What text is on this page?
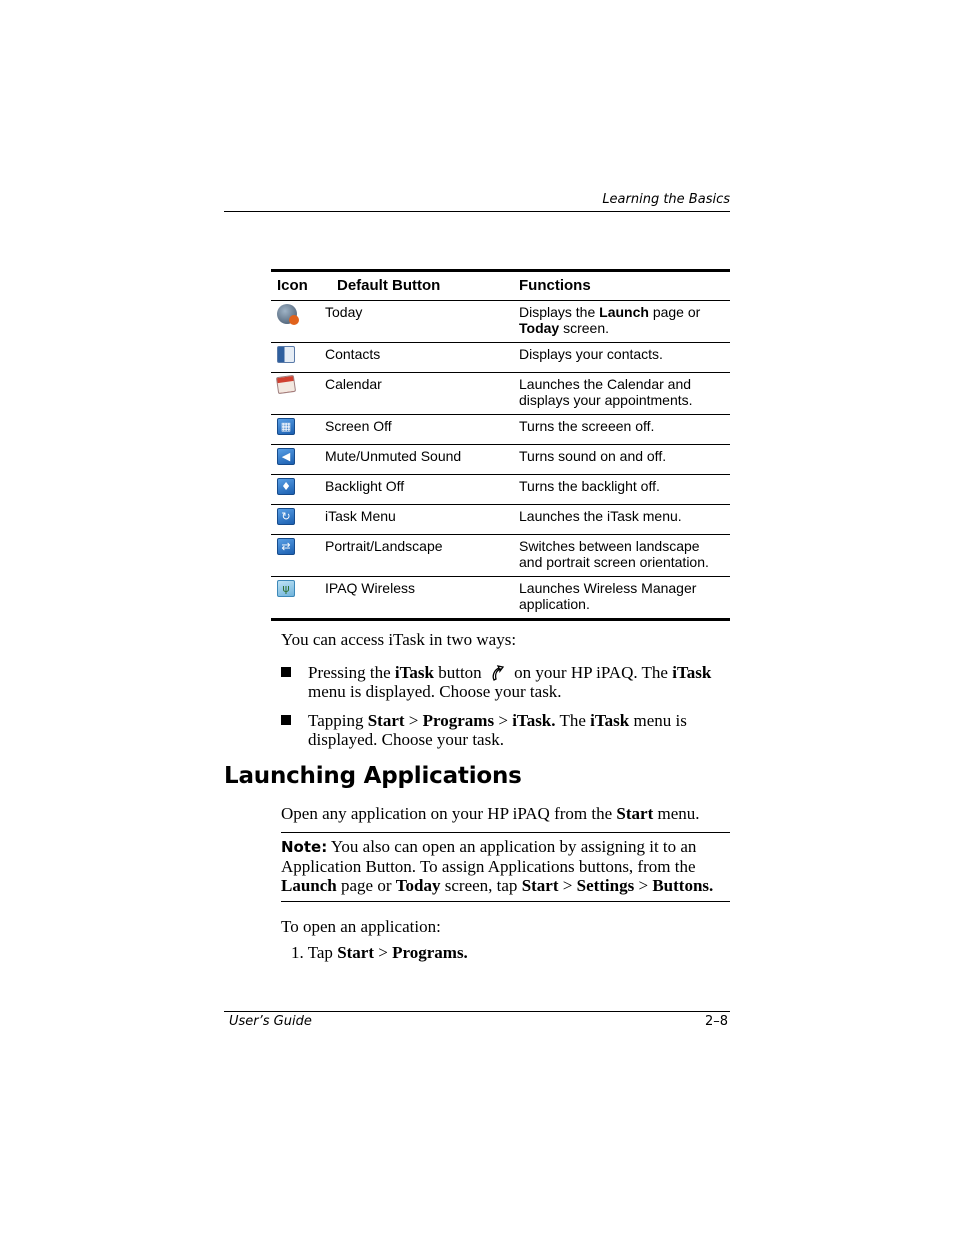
Learning the Basics
Icon	Default Button	Functions
	Today	Displays the Launch page or Today screen.
	Contacts	Displays your contacts.
	Calendar	Launches the Calendar and displays your appointments.

▦	Screen Off	Turns the screeen off.

◀	Mute/Unmuted Sound	Turns sound on and off.

♦	Backlight Off	Turns the backlight off.

↻	iTask Menu	Launches the iTask menu.

⇄	Portrait/Landscape	Switches between landscape and portrait screen orientation.

ψ	IPAQ Wireless	Launches Wireless Manager application.
You can access iTask in two ways:
Pressing the iTask button  on your HP iPAQ. The iTask menu is displayed. Choose your task.
Tapping Start > Programs > iTask. The iTask menu is displayed. Choose your task.
Launching Applications
Open any application on your HP iPAQ from the Start menu.
Note: You also can open an application by assigning it to an Application Button. To assign Applications buttons, from the Launch page or Today screen, tap Start > Settings > Buttons.
To open an application:
1. Tap Start > Programs.
User’s Guide	2–8
